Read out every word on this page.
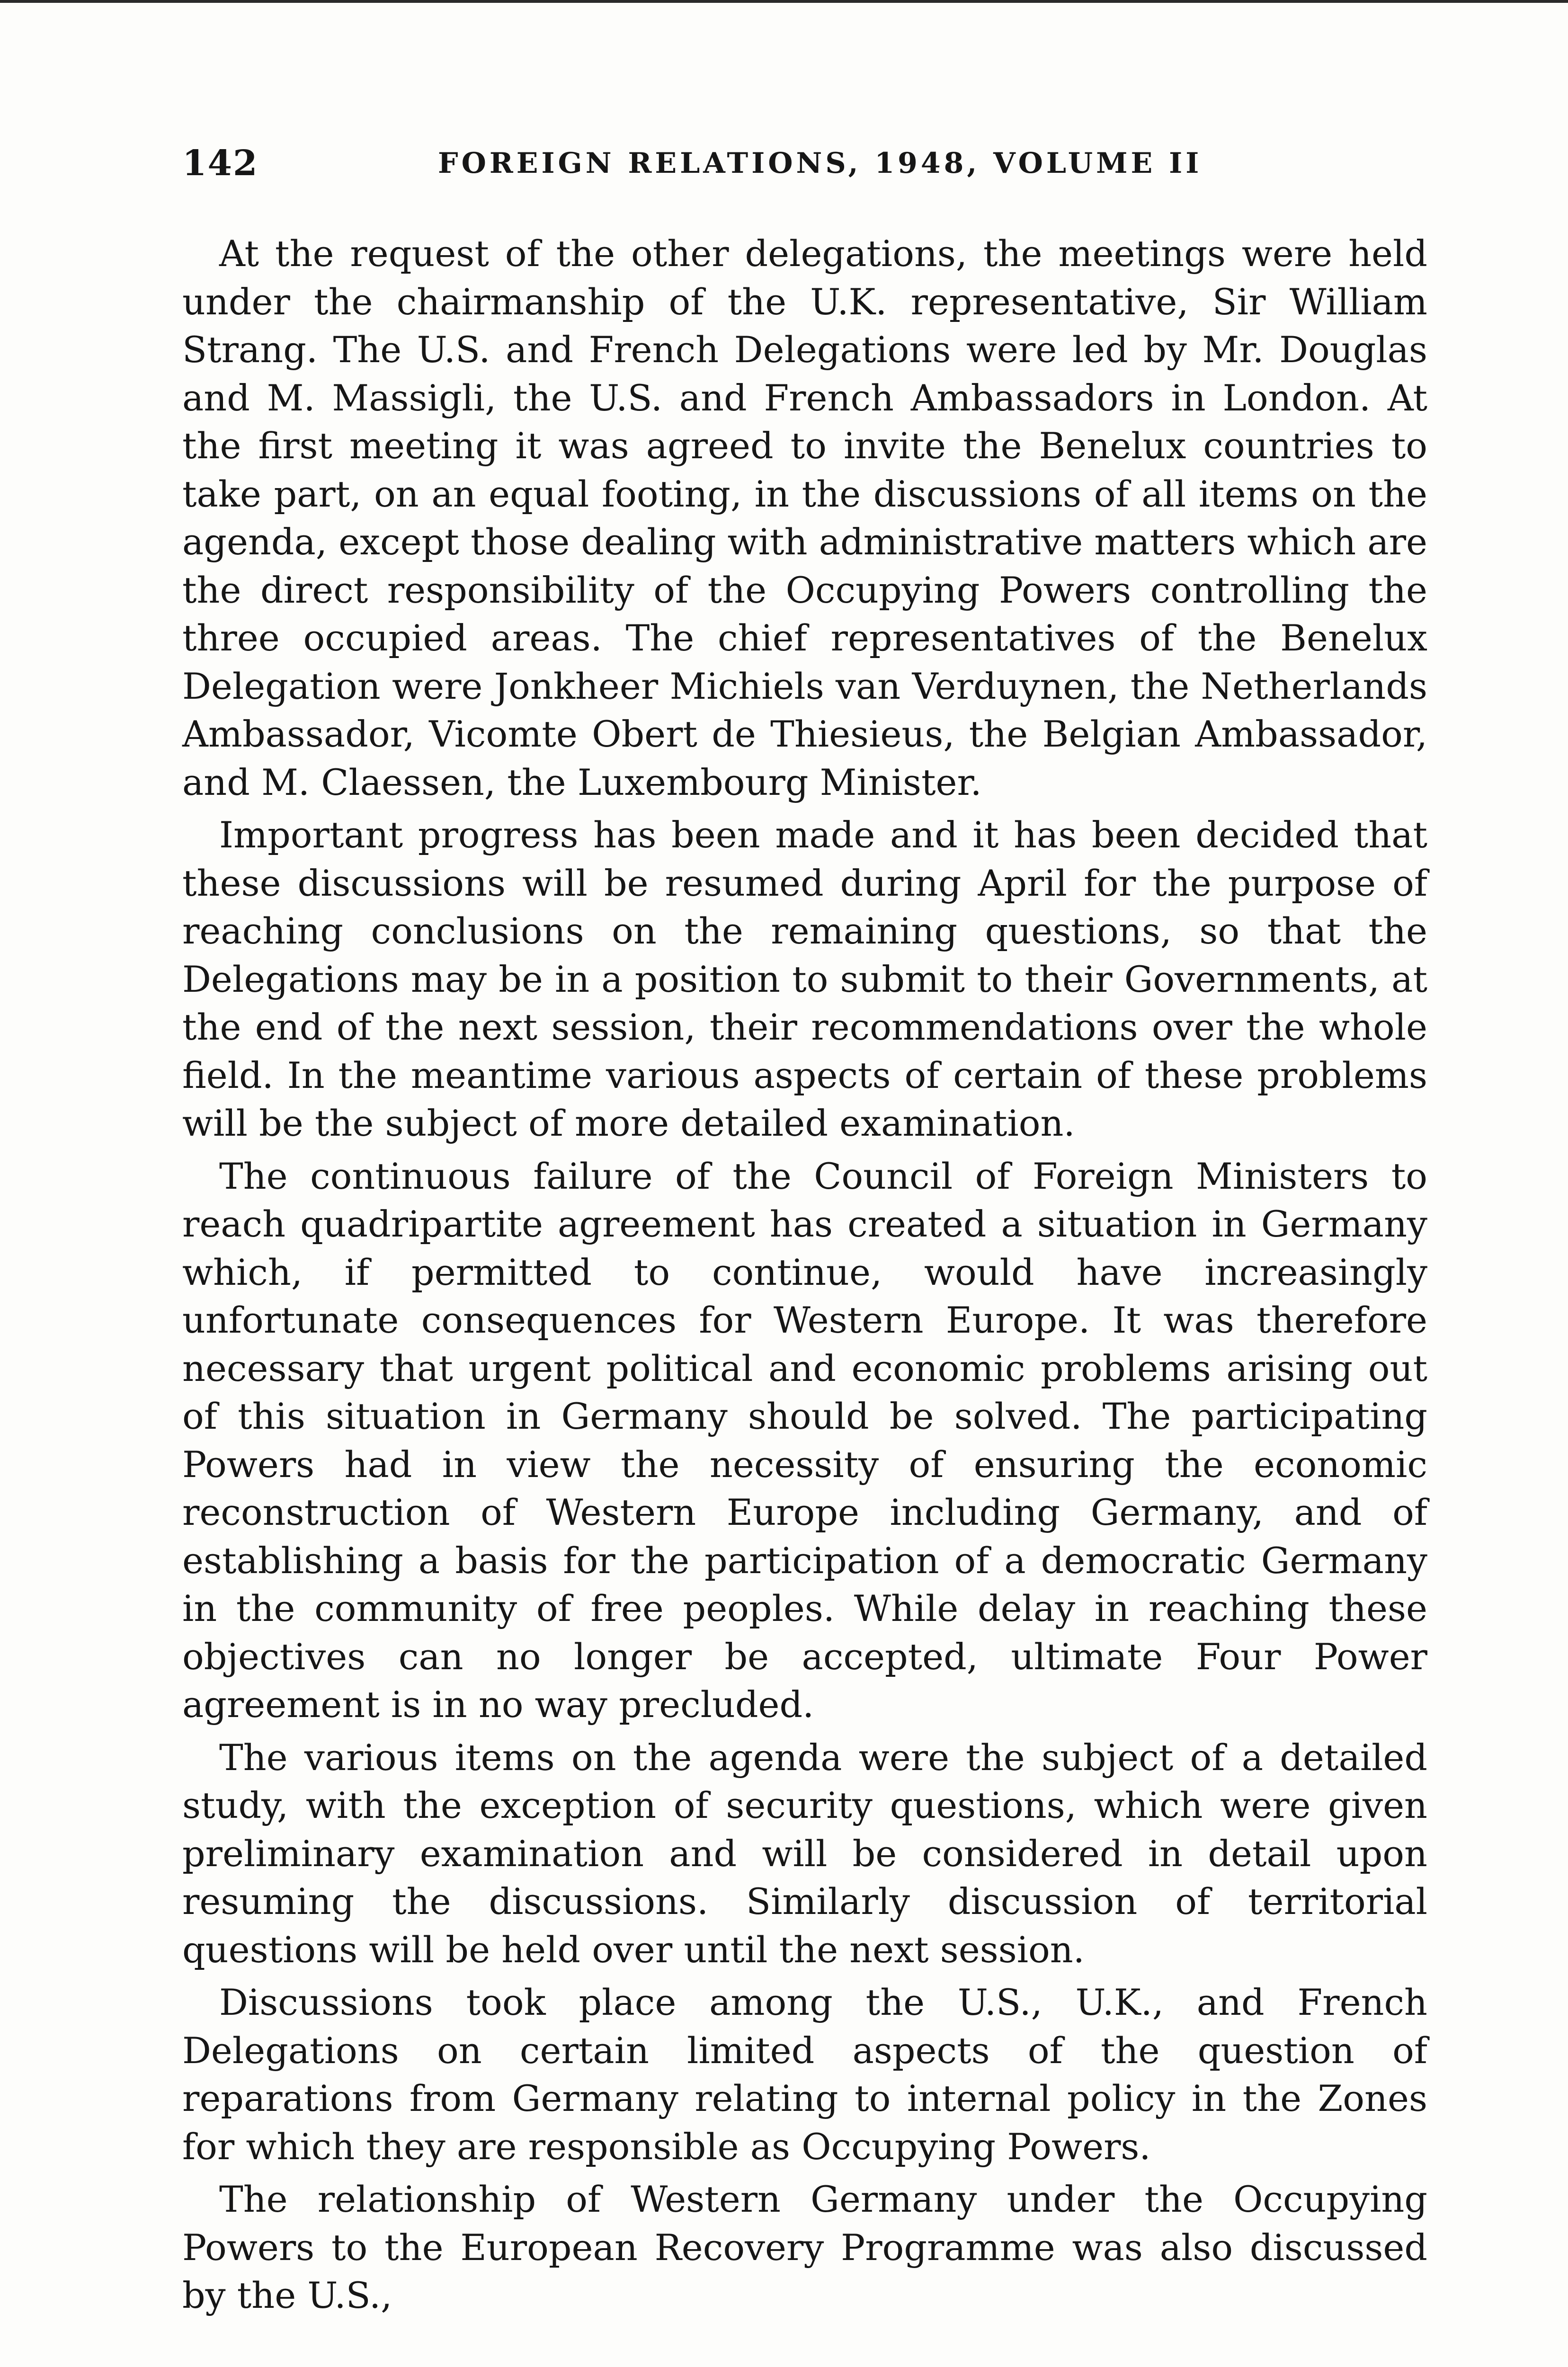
142	FOREIGN RELATIONS, 1948, VOLUME II

At the request of the other delegations, the meetings were held under the chairmanship of the U.K. representative, Sir William Strang. The U.S. and French Delegations were led by Mr. Douglas and M. Massigli, the U.S. and French Ambassadors in London. At the first meeting it was agreed to invite the Benelux countries to take part, on an equal footing, in the discussions of all items on the agenda, except those dealing with administrative matters which are the direct responsibility of the Occupying Powers controlling the three occupied areas. The chief representatives of the Benelux Delegation were Jonkheer Michiels van Verduynen, the Netherlands Ambassador, Vicomte Obert de Thiesieus, the Belgian Ambassador, and M. Claessen, the Luxembourg Minister.

Important progress has been made and it has been decided that these discussions will be resumed during April for the purpose of reaching conclusions on the remaining questions, so that the Delegations may be in a position to submit to their Governments, at the end of the next session, their recommendations over the whole field. In the meantime various aspects of certain of these problems will be the subject of more detailed examination.

The continuous failure of the Council of Foreign Ministers to reach quadripartite agreement has created a situation in Germany which, if permitted to continue, would have increasingly unfortunate consequences for Western Europe. It was therefore necessary that urgent political and economic problems arising out of this situation in Germany should be solved. The participating Powers had in view the necessity of ensuring the economic reconstruction of Western Europe including Germany, and of establishing a basis for the participation of a democratic Germany in the community of free peoples. While delay in reaching these objectives can no longer be accepted, ultimate Four Power agreement is in no way precluded.

The various items on the agenda were the subject of a detailed study, with the exception of security questions, which were given preliminary examination and will be considered in detail upon resuming the discussions. Similarly discussion of territorial questions will be held over until the next session.

Discussions took place among the U.S., U.K., and French Delegations on certain limited aspects of the question of reparations from Germany relating to internal policy in the Zones for which they are responsible as Occupying Powers.

The relationship of Western Germany under the Occupying Powers to the European Recovery Programme was also discussed by the U.S.,
